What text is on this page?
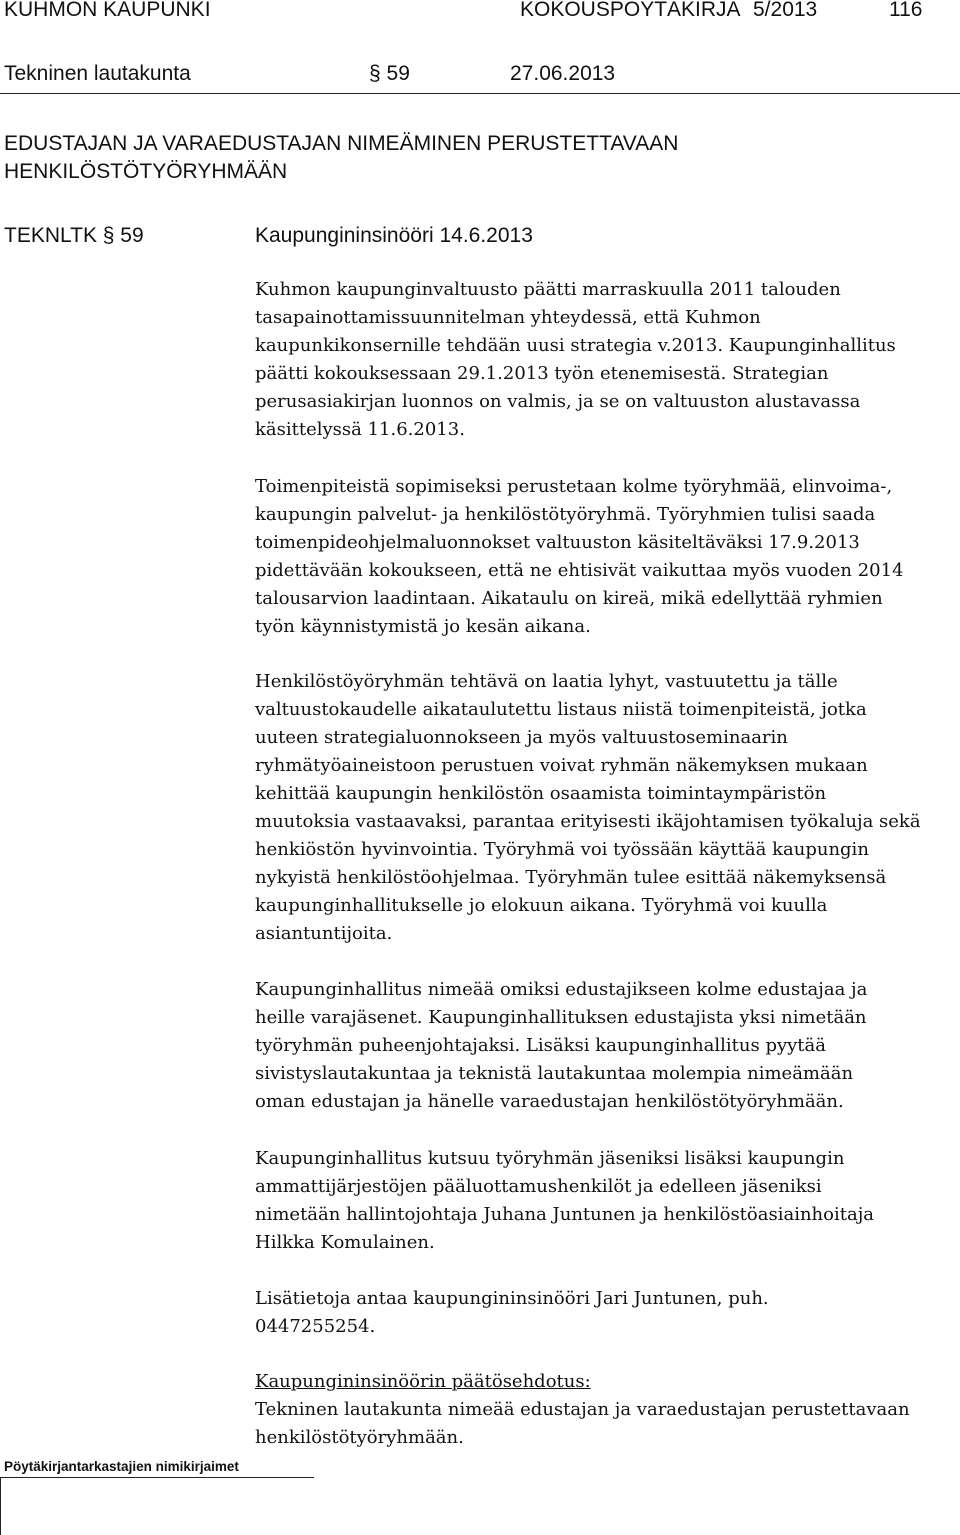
KUHMON KAUPUNKI	KOKOUSPÖYTÄKIRJA 5/2013	116
Tekninen lautakunta	§ 59	27.06.2013
EDUSTAJAN JA VARAEDUSTAJAN NIMEÄMINEN PERUSTETTAVAAN
HENKILÖSTÖTYÖRYHMÄÄN
TEKNLTK § 59	Kaupungininsinööri 14.6.2013
Kuhmon kaupunginvaltuusto päätti marraskuulla 2011 talouden
tasapainottamissuunnitelman yhteydessä, että Kuhmon
kaupunkikonsernille tehdään uusi strategia v.2013. Kaupunginhallitus
päätti kokouksessaan 29.1.2013 työn etenemisestä. Strategian
perusasiakirjan luonnos on valmis, ja se on valtuuston alustavassa
käsittelyssä 11.6.2013.
Toimenpiteistä sopimiseksi perustetaan kolme työryhmää, elinvoima-,
kaupungin palvelut- ja henkilöstötyöryhmä. Työryhmien tulisi saada
toimenpideohjelmaluonnokset valtuuston käsiteltäväksi 17.9.2013
pidettävään kokoukseen, että ne ehtisivät vaikuttaa myös vuoden 2014
talousarvion laadintaan. Aikataulu on kireä, mikä edellyttää ryhmien
työn käynnistymistä jo kesän aikana.
Henkilöstöyöryhmän tehtävä on laatia lyhyt, vastuutettu ja tälle
valtuustokaudelle aikataulutettu listaus niistä toimenpiteistä, jotka
uuteen strategialuonnokseen ja myös valtuustoseminaarin
ryhmätyöaineistoon perustuen voivat ryhmän näkemyksen mukaan
kehittää kaupungin henkilöstön osaamista toimintaympäristön
muutoksia vastaavaksi, parantaa erityisesti ikäjohtamisen työkaluja sekä
henkiöstön hyvinvointia. Työryhmä voi työssään käyttää kaupungin
nykyistä henkilöstöohjelmaa. Työryhmän tulee esittää näkemyksensä
kaupunginhallitukselle jo elokuun aikana. Työryhmä voi kuulla
asiantuntijoita.
Kaupunginhallitus nimeää omiksi edustajikseen kolme edustajaa ja
heille varajäsenet. Kaupunginhallituksen edustajista yksi nimetään
työryhmän puheenjohtajaksi. Lisäksi kaupunginhallitus pyytää
sivistyslautakuntaa ja teknistä lautakuntaa molempia nimeämään
oman edustajan ja hänelle varaedustajan henkilöstötyöryhmään.
Kaupunginhallitus kutsuu työryhmän jäseniksi lisäksi kaupungin
ammattijärjestöjen pääluottamushenkilöt ja edelleen jäseniksi
nimetään hallintojohtaja Juhana Juntunen ja henkilöstöasiainhoitaja
Hilkka Komulainen.
Lisätietoja antaa kaupungininsinööri Jari Juntunen, puh.
0447255254.
Kaupungininsinöörin päätösehdotus:
Tekninen lautakunta nimeää edustajan ja varaedustajan perustettavaan
henkilöstötyöryhmään.
Pöytäkirjantarkastajien nimikirjaimet
